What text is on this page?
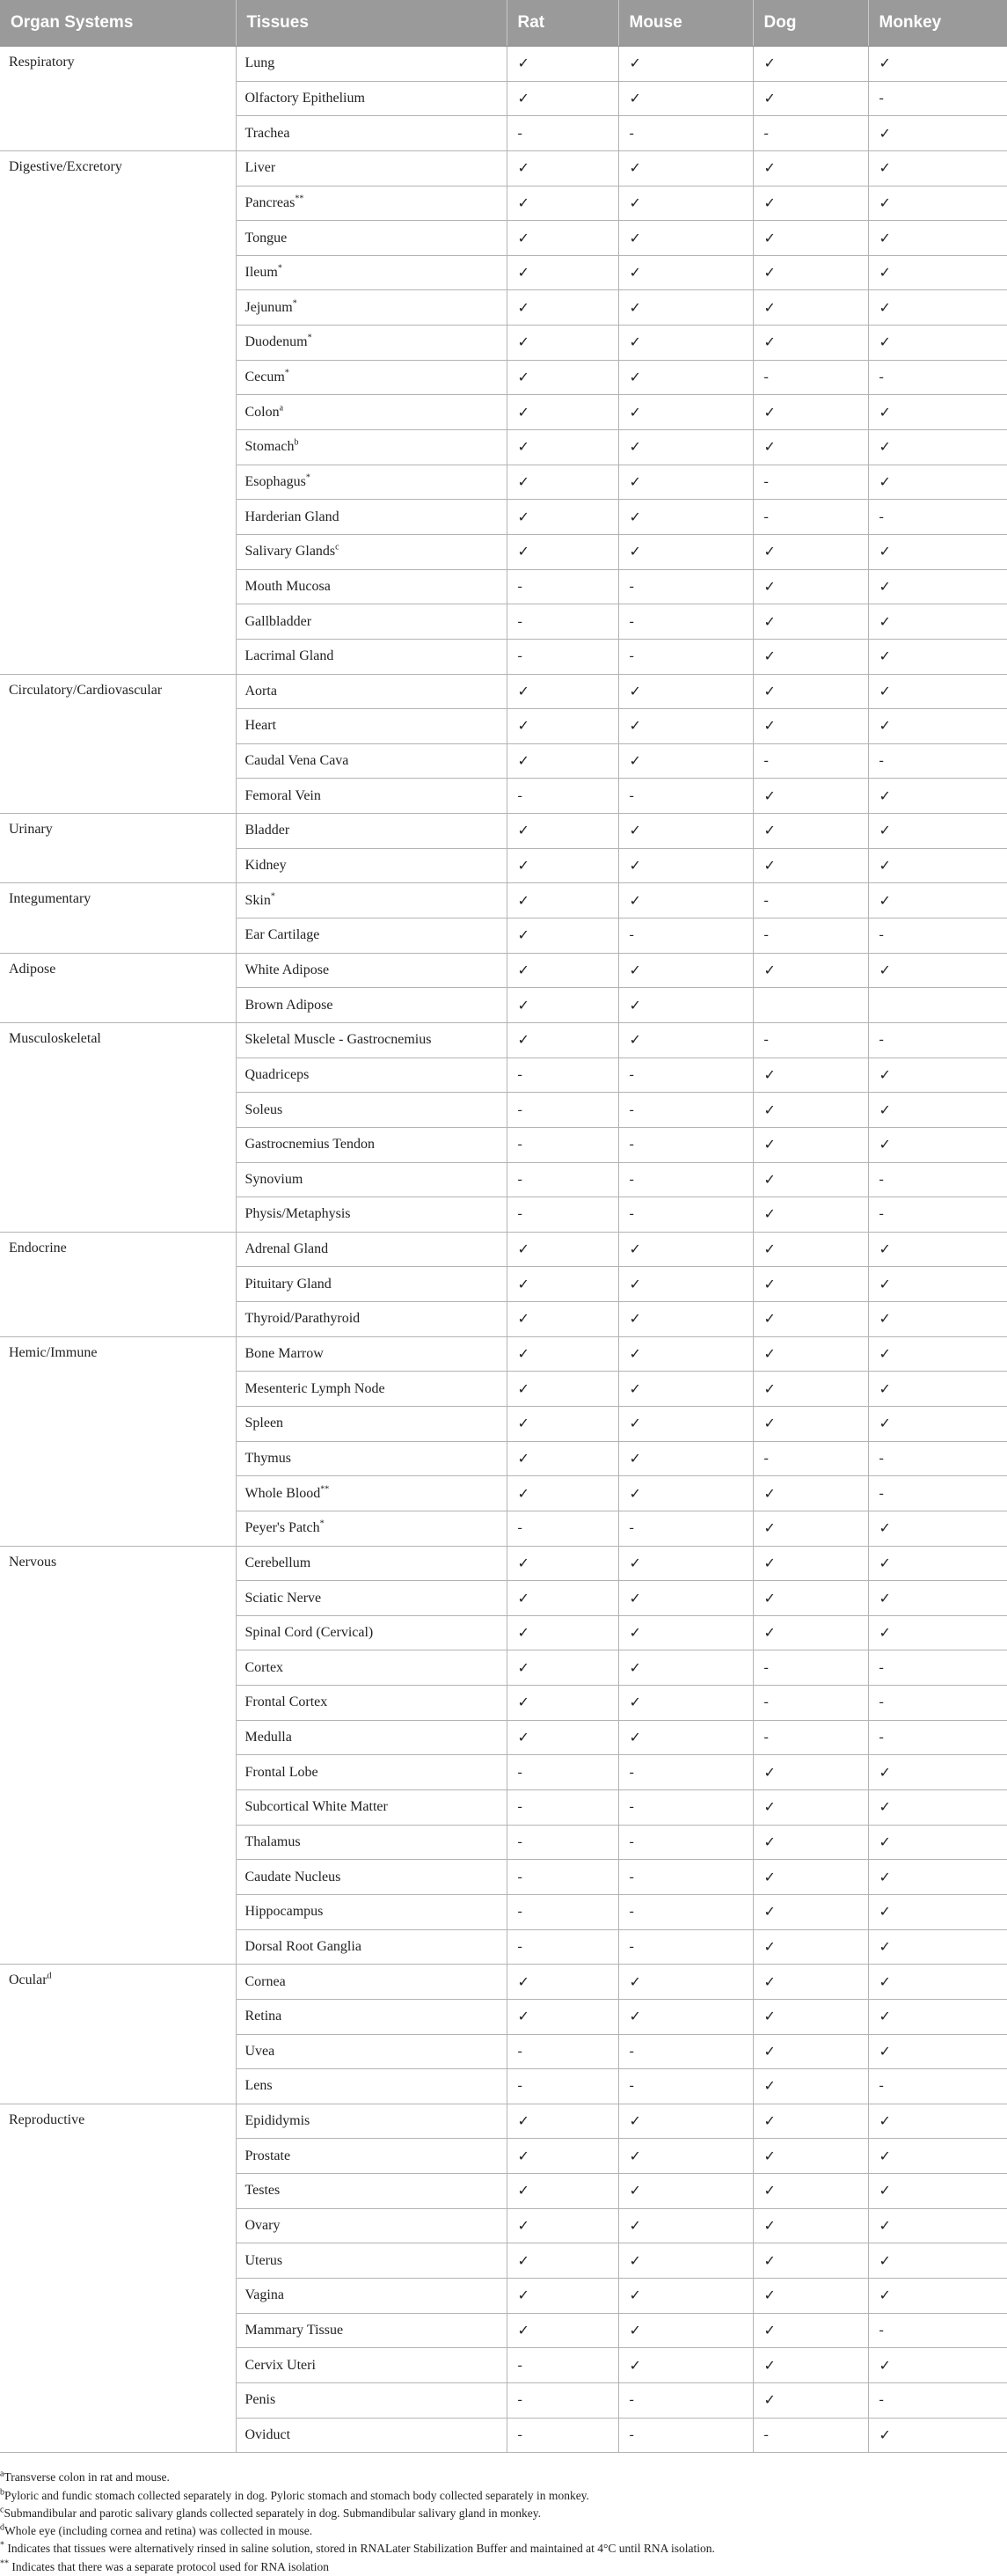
Organ Systems	Tissues	Rat	Mouse	Dog	Monkey
Respiratory	Lung	✓	✓	✓	✓
	Olfactory Epithelium	✓	✓	✓	-
	Trachea	-	-	-	✓
Digestive/Excretory	Liver	✓	✓	✓	✓
	Pancreas**	✓	✓	✓	✓
	Tongue	✓	✓	✓	✓
	Ileum*	✓	✓	✓	✓
	Jejunum*	✓	✓	✓	✓
	Duodenum*	✓	✓	✓	✓
	Cecum*	✓	✓	-	-
	Colon$^a$	✓	✓	✓	✓
	Stomach$^b$	✓	✓	✓	✓
	Esophagus*	✓	✓	-	✓
	Harderian Gland	✓	✓	-	-
	Salivary Glands$^c$	✓	✓	✓	✓
	Mouth Mucosa	-	-	✓	✓
	Gallbladder	-	-	✓	✓
	Lacrimal Gland	-	-	✓	✓
Circulatory/Cardiovascular	Aorta	✓	✓	✓	✓
	Heart	✓	✓	✓	✓
	Caudal Vena Cava	✓	✓	-	-
	Femoral Vein	-	-	✓	✓
Urinary	Bladder	✓	✓	✓	✓
	Kidney	✓	✓	✓	✓
Integumentary	Skin*	✓	✓	-	✓
	Ear Cartilage	✓	-	-	-
Adipose	White Adipose	✓	✓	✓	✓
	Brown Adipose	✓	✓		
Musculoskeletal	Skeletal Muscle - Gastrocnemius	✓	✓	-	-
	Quadriceps	-	-	✓	✓
	Soleus	-	-	✓	✓
	Gastrocnemius Tendon	-	-	✓	✓
	Synovium	-	-	✓	-
	Physis/Metaphysis	-	-	✓	-
Endocrine	Adrenal Gland	✓	✓	✓	✓
	Pituitary Gland	✓	✓	✓	✓
	Thyroid/Parathyroid	✓	✓	✓	✓
Hemic/Immune	Bone Marrow	✓	✓	✓	✓
	Mesenteric Lymph Node	✓	✓	✓	✓
	Spleen	✓	✓	✓	✓
	Thymus	✓	✓	-	-
	Whole Blood**	✓	✓	✓	-
	Peyer's Patch*	-	-	✓	✓
Nervous	Cerebellum	✓	✓	✓	✓
	Sciatic Nerve	✓	✓	✓	✓
	Spinal Cord (Cervical)	✓	✓	✓	✓
	Cortex	✓	✓	-	-
	Frontal Cortex	✓	✓	-	-
	Medulla	✓	✓	-	-
	Frontal Lobe	-	-	✓	✓
	Subcortical White Matter	-	-	✓	✓
	Thalamus	-	-	✓	✓
	Caudate Nucleus	-	-	✓	✓
	Hippocampus	-	-	✓	✓
	Dorsal Root Ganglia	-	-	✓	✓
Ocular$^d$	Cornea	✓	✓	✓	✓
	Retina	✓	✓	✓	✓
	Uvea	-	-	✓	✓
	Lens	-	-	✓	-
Reproductive	Epididymis	✓	✓	✓	✓
	Prostate	✓	✓	✓	✓
	Testes	✓	✓	✓	✓
	Ovary	✓	✓	✓	✓
	Uterus	✓	✓	✓	✓
	Vagina	✓	✓	✓	✓
	Mammary Tissue	✓	✓	✓	-
	Cervix Uteri	-	✓	✓	✓
	Penis	-	-	✓	-
	Oviduct	-	-	-	✓
$^a$Transverse colon in rat and mouse.
$^b$Pyloric and fundic stomach collected separately in dog. Pyloric stomach and stomach body collected separately in monkey.
$^c$Submandibular and parotic salivary glands collected separately in dog. Submandibular salivary gland in monkey.
$^d$Whole eye (including cornea and retina) was collected in mouse.
* Indicates that tissues were alternatively rinsed in saline solution, stored in RNALater Stabilization Buffer and maintained at 4°C until RNA isolation.
** Indicates that there was a separate protocol used for RNA isolation
